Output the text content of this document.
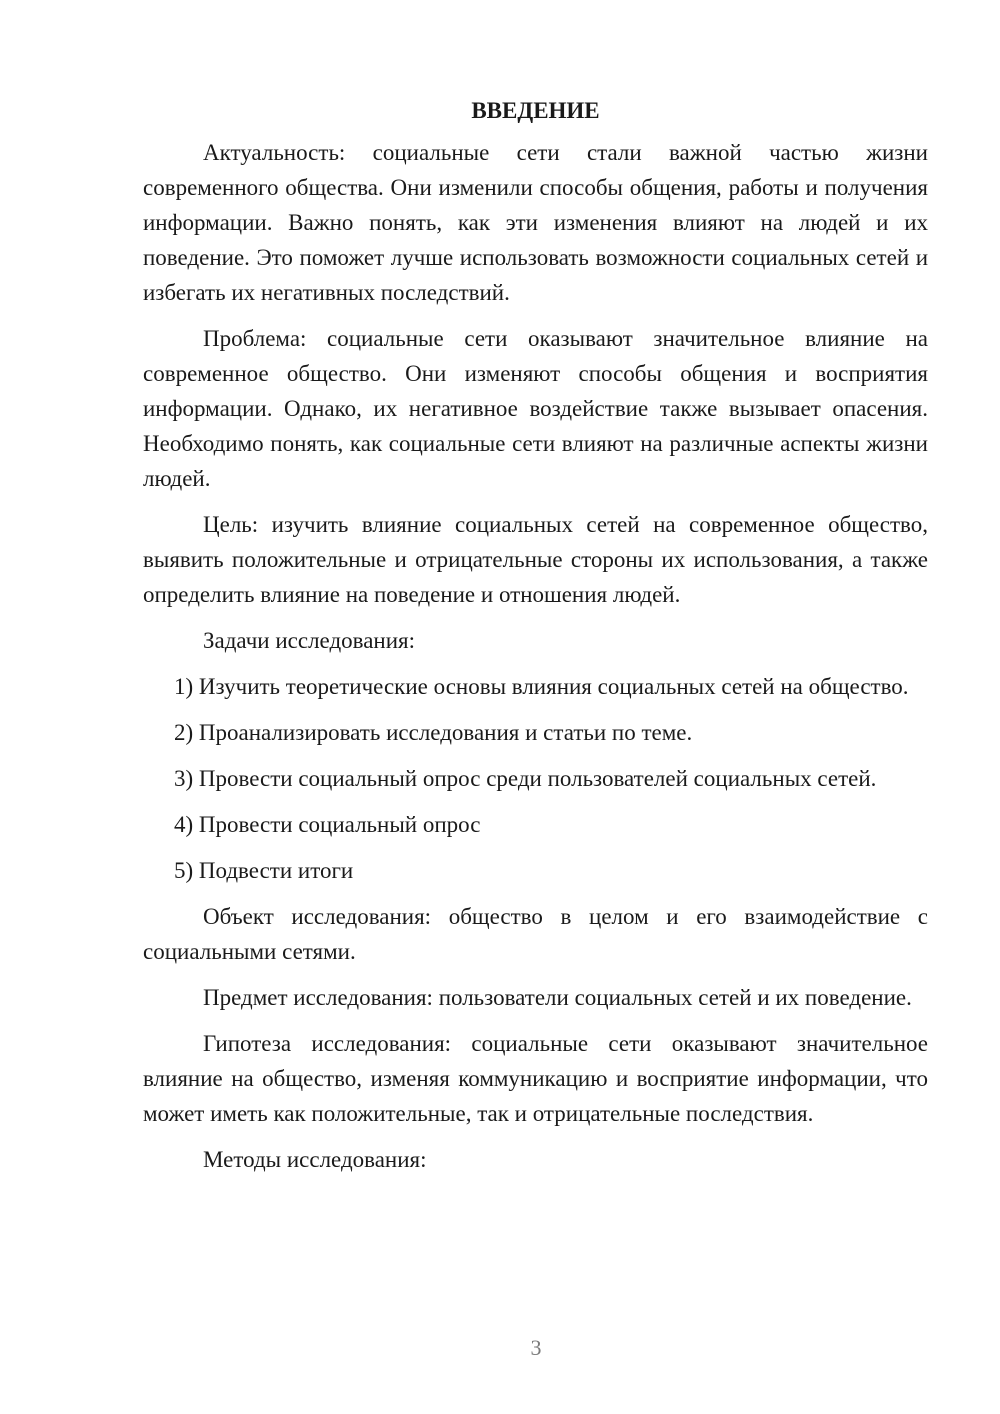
ВВЕДЕНИЕ

Актуальность: социальные сети стали важной частью жизни современного общества. Они изменили способы общения, работы и получения информации. Важно понять, как эти изменения влияют на людей и их поведение. Это поможет лучше использовать возможности социальных сетей и избегать их негативных последствий.

Проблема: социальные сети оказывают значительное влияние на современное общество. Они изменяют способы общения и восприятия информации. Однако, их негативное воздействие также вызывает опасения. Необходимо понять, как социальные сети влияют на различные аспекты жизни людей.

Цель: изучить влияние социальных сетей на современное общество, выявить положительные и отрицательные стороны их использования, а также определить влияние на поведение и отношения людей.

Задачи исследования:

1) Изучить теоретические основы влияния социальных сетей на общество.

2) Проанализировать исследования и статьи по теме.

3) Провести социальный опрос среди пользователей социальных сетей.

4) Провести социальный опрос

5) Подвести итоги

Объект исследования: общество в целом и его взаимодействие с социальными сетями.

Предмет исследования: пользователи социальных сетей и их поведение.

Гипотеза исследования: социальные сети оказывают значительное влияние на общество, изменяя коммуникацию и восприятие информации, что может иметь как положительные, так и отрицательные последствия.

Методы исследования:

3
